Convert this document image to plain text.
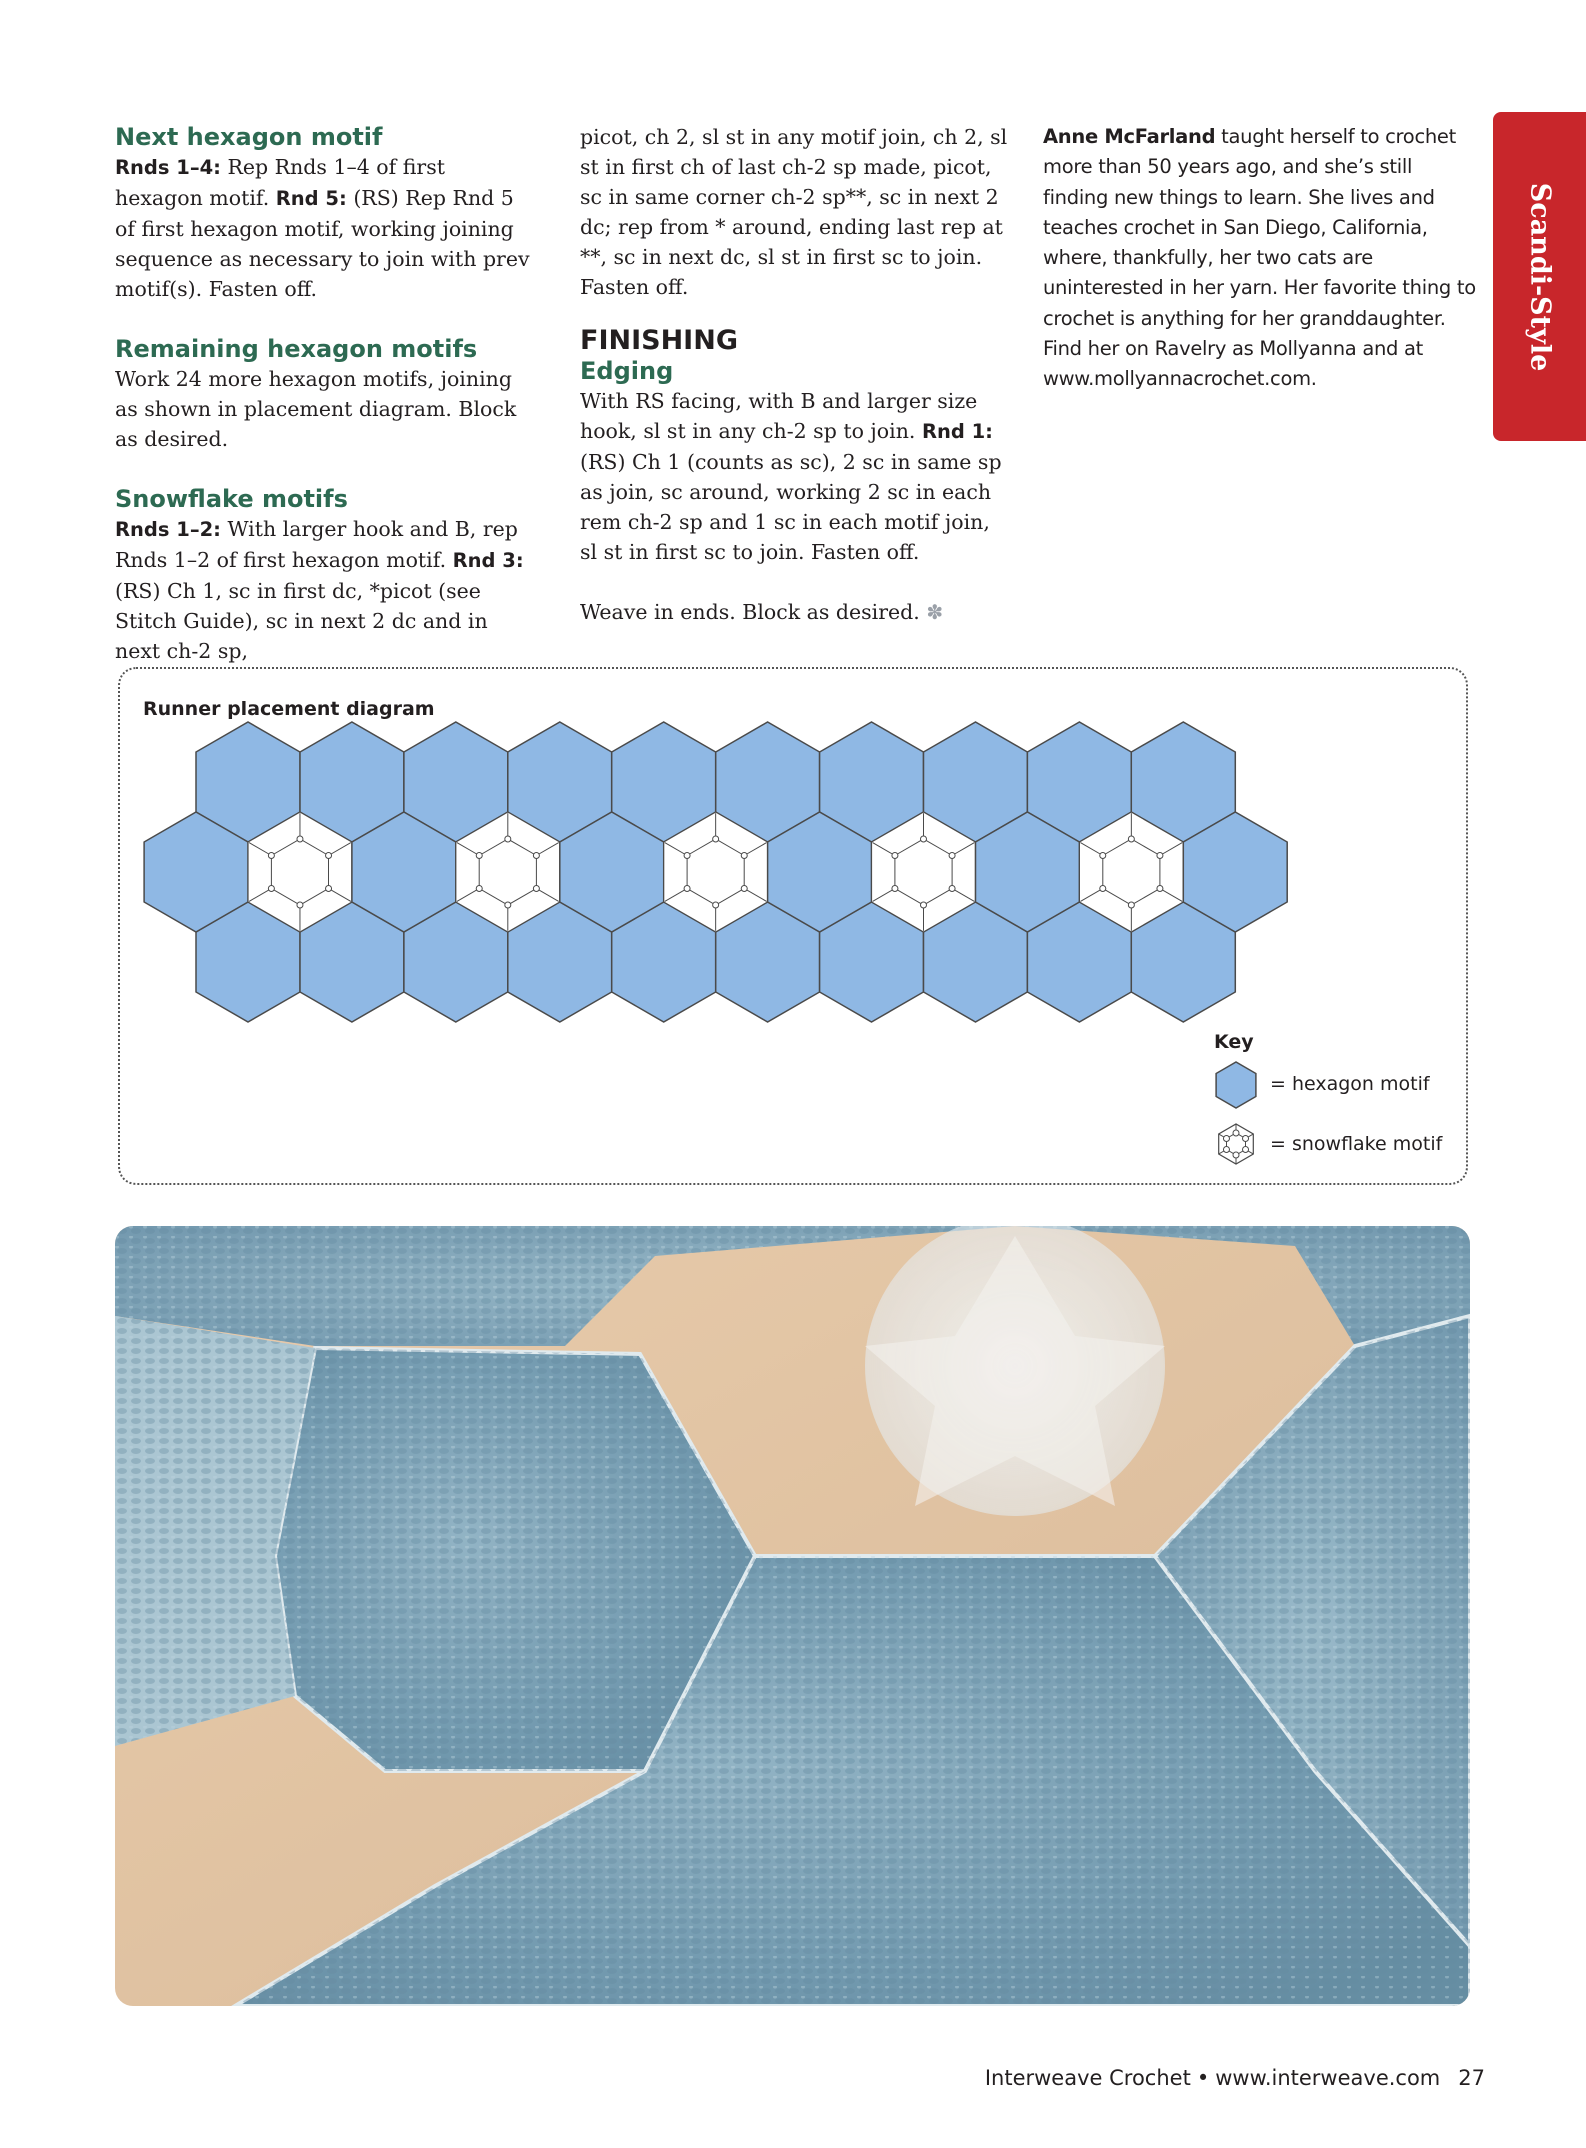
Next hexagon motif

Rnds 1–4: Rep Rnds 1–4 of first hexagon motif. Rnd 5: (RS) Rep Rnd 5 of first hexagon motif, working joining sequence as necessary to join with prev motif(s). Fasten off.

Remaining hexagon motifs

Work 24 more hexagon motifs, joining as shown in placement diagram. Block as desired.

Snowflake motifs

Rnds 1–2: With larger hook and B, rep Rnds 1–2 of first hexagon motif. Rnd 3: (RS) Ch 1, sc in first dc, *picot (see Stitch Guide), sc in next 2 dc and in next ch-2 sp,

picot, ch 2, sl st in any motif join, ch 2, sl st in first ch of last ch-2 sp made, picot, sc in same corner ch-2 sp**, sc in next 2 dc; rep from * around, ending last rep at **, sc in next dc, sl st in first sc to join. Fasten off.

FINISHING

Edging

With RS facing, with B and larger size hook, sl st in any ch-2 sp to join. Rnd 1: (RS) Ch 1 (counts as sc), 2 sc in same sp as join, sc around, working 2 sc in each rem ch-2 sp and 1 sc in each motif join, sl st in first sc to join. Fasten off.

Weave in ends. Block as desired. ✽

Anne McFarland taught herself to crochet more than 50 years ago, and she’s still finding new things to learn. She lives and teaches crochet in San Diego, California, where, thankfully, her two cats are uninterested in her yarn. Her favorite thing to crochet is anything for her granddaughter. Find her on Ravelry as Mollyanna and at www.mollyannacrochet.com.

Scandi-Style
Runner placement diagram
Key
= hexagon motif
= snowflake motif
Interweave Crochet • www.interweave.com 27
